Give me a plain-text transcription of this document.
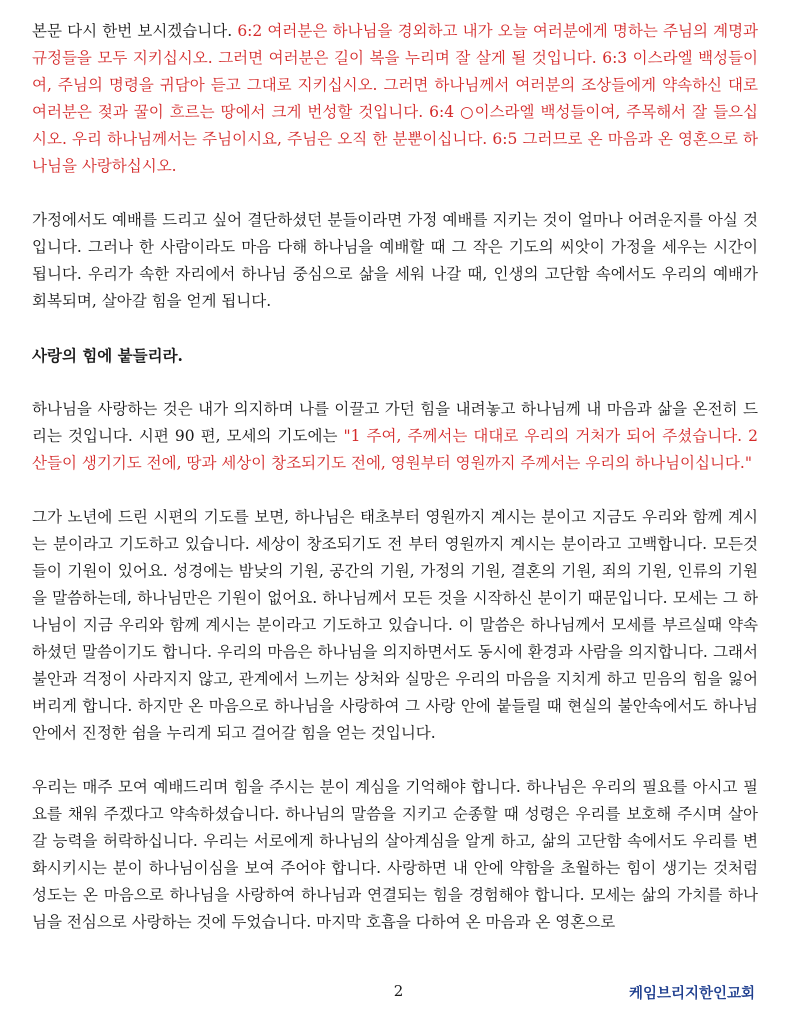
본문 다시 한번 보시겠습니다. 6:2 여러분은 하나님을 경외하고 내가 오늘 여러분에게 명하는 주님의 계명과 규정들을 모두 지키십시오. 그러면 여러분은 길이 복을 누리며 잘 살게 될 것입니다. 6:3 이스라엘 백성들이여, 주님의 명령을 귀담아 듣고 그대로 지키십시오. 그러면 하나님께서 여러분의 조상들에게 약속하신 대로 여러분은 젖과 꿀이 흐르는 땅에서 크게 번성할 것입니다. 6:4 ○이스라엘 백성들이여, 주목해서 잘 들으십시오. 우리 하나님께서는 주님이시요, 주님은 오직 한 분뿐이십니다. 6:5 그러므로 온 마음과 온 영혼으로 하나님을 사랑하십시오.

가정에서도 예배를 드리고 싶어 결단하셨던 분들이라면 가정 예배를 지키는 것이 얼마나 어려운지를 아실 것입니다. 그러나 한 사람이라도 마음 다해 하나님을 예배할 때 그 작은 기도의 씨앗이 가정을 세우는 시간이 됩니다. 우리가 속한 자리에서 하나님 중심으로 삶을 세워 나갈 때, 인생의 고단함 속에서도 우리의 예배가 회복되며, 살아갈 힘을 얻게 됩니다.

사랑의 힘에 붙들리라.

하나님을 사랑하는 것은 내가 의지하며 나를 이끌고 가던 힘을 내려놓고 하나님께 내 마음과 삶을 온전히 드리는 것입니다. 시편 90 편, 모세의 기도에는 "1 주여, 주께서는 대대로 우리의 거처가 되어 주셨습니다. 2 산들이 생기기도 전에, 땅과 세상이 창조되기도 전에, 영원부터 영원까지 주께서는 우리의 하나님이십니다."

그가 노년에 드린 시편의 기도를 보면, 하나님은 태초부터 영원까지 계시는 분이고 지금도 우리와 함께 계시는 분이라고 기도하고 있습니다. 세상이 창조되기도 전 부터 영원까지 계시는 분이라고 고백합니다. 모든것들이 기원이 있어요. 성경에는 밤낮의 기원, 공간의 기원, 가정의 기원, 결혼의 기원, 죄의 기원, 인류의 기원을 말씀하는데, 하나님만은 기원이 없어요. 하나님께서 모든 것을 시작하신 분이기 때문입니다. 모세는 그 하나님이 지금 우리와 함께 계시는 분이라고 기도하고 있습니다. 이 말씀은 하나님께서 모세를 부르실때 약속하셨던 말씀이기도 합니다. 우리의 마음은 하나님을 의지하면서도 동시에 환경과 사람을 의지합니다. 그래서 불안과 걱정이 사라지지 않고, 관계에서 느끼는 상처와 실망은 우리의 마음을 지치게 하고 믿음의 힘을 잃어 버리게 합니다. 하지만 온 마음으로 하나님을 사랑하여 그 사랑 안에 붙들릴 때 현실의 불안속에서도 하나님 안에서 진정한 쉼을 누리게 되고 걸어갈 힘을 얻는 것입니다.

우리는 매주 모여 예배드리며 힘을 주시는 분이 계심을 기억해야 합니다. 하나님은 우리의 필요를 아시고 필요를 채워 주겠다고 약속하셨습니다. 하나님의 말씀을 지키고 순종할 때 성령은 우리를 보호해 주시며 살아갈 능력을 허락하십니다. 우리는 서로에게 하나님의 살아계심을 알게 하고, 삶의 고단함 속에서도 우리를 변화시키시는 분이 하나님이심을 보여 주어야 합니다. 사랑하면 내 안에 약함을 초월하는 힘이 생기는 것처럼 성도는 온 마음으로 하나님을 사랑하여 하나님과 연결되는 힘을 경험해야 합니다. 모세는 삶의 가치를 하나님을 전심으로 사랑하는 것에 두었습니다. 마지막 호흡을 다하여 온 마음과 온 영혼으로

2	케임브리지한인교회
